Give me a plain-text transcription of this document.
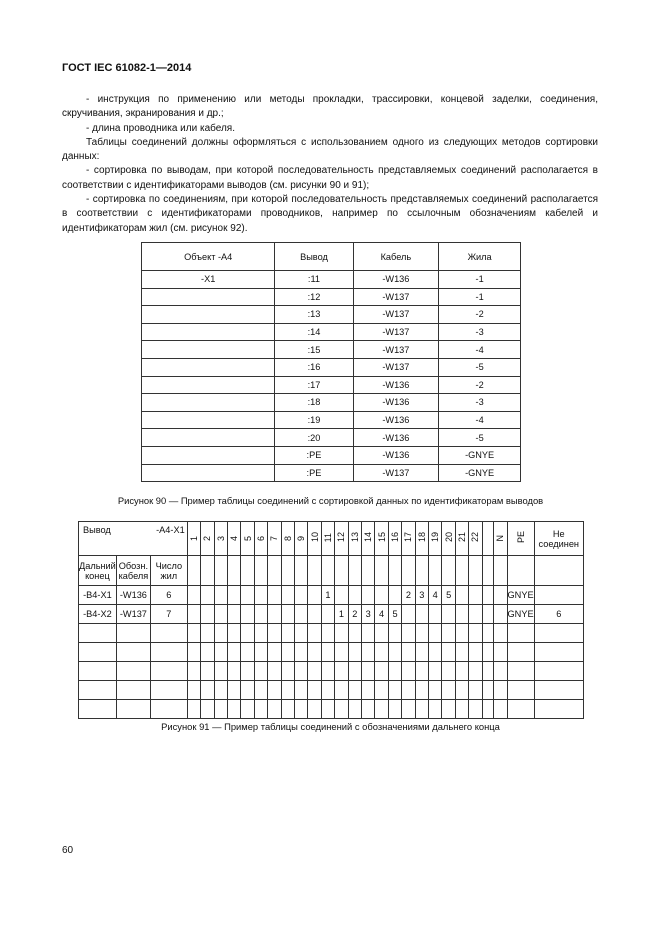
ГОСТ IEC 61082-1—2014

- инструкция по применению или методы прокладки, трассировки, концевой заделки, соединения, скручивания, экранирования и др.;

- длина проводника или кабеля.

Таблицы соединений должны оформляться с использованием одного из следующих методов сортировки данных:

- сортировка по выводам, при которой последовательность представляемых соединений располагается в соответствии с идентификаторами выводов (см. рисунки 90 и 91);

- сортировка по соединениям, при которой последовательность представляемых соединений располагается в соответствии с идентификаторами проводников, например по ссылочным обозначениям кабелей и идентификаторам жил (см. рисунок 92).

Объект -А4	Вывод	Кабель	Жила
-X1	:11	-W136	-1
	:12	-W137	-1
	:13	-W137	-2
	:14	-W137	-3
	:15	-W137	-4
	:16	-W137	-5
	:17	-W136	-2
	:18	-W136	-3
	:19	-W136	-4
	:20	-W136	-5
	:PE	-W136	-GNYE
	:PE	-W137	-GNYE
Рисунок 90 — Пример таблицы соединений с сортировкой данных по идентификаторам выводов
Вывод -А4-X1			1	2	3	4	5	6	7	8	9	10	11	12	13	14	15	16	17	18	19	20	21	22		N	PE	Не соединен
Дальний конец	Обозн. кабеля	Число жил																										
-B4-X1	-W136	6											1						2	3	4	5					GNYE	
-B4-X2	-W137	7												1	2	3	4	5									GNYE	6

Рисунок 91 — Пример таблицы соединений с обозначениями дальнего конца
60
